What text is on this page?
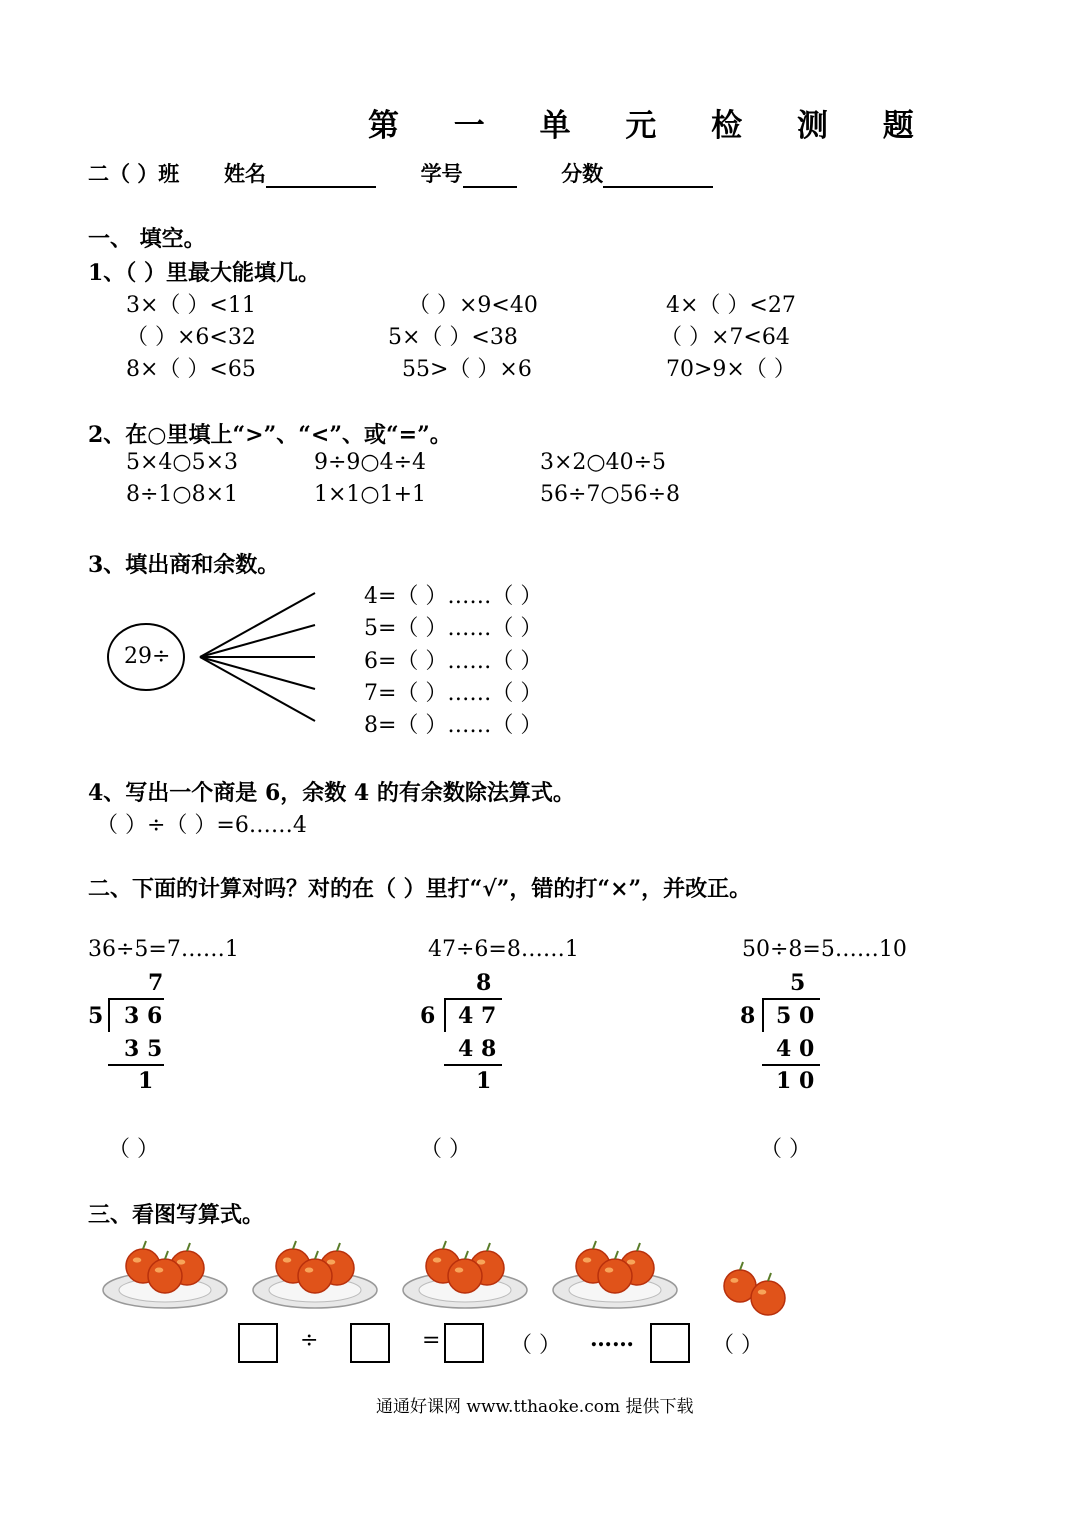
第 一 单 元 检 测 题
二（ ）班 姓名	学号	分数
一、 填空。
1、（ ）里最大能填几。
3×（ ）<11	（ ）×9<40	4×（ ）<27
（ ）×6<32	5×（ ）<38	（ ）×7<64
8×（ ）<65	55>（ ）×6	70>9×（ ）
2、在○里填上“>”、“<”、或“=”。
5×4○5×3	9÷9○4÷4	3×2○40÷5
8÷1○8×1	1×1○1+1	56÷7○56÷8
3、填出商和余数。
29÷
4=（ ）……（ ）
5=（ ）……（ ）
6=（ ）……（ ）
7=（ ）……（ ）
8=（ ）……（ ）
4、写出一个商是 6，余数 4 的有余数除法算式。
（ ）÷（ ）=6……4
二、下面的计算对吗？对的在（ ）里打“√”，错的打“×”，并改正。
36÷5=7……1
7
5 3 6
3 5
1
（ ）
47÷6=8……1
8
6 4 7
4 8
1
（ ）
50÷8=5……10
5
8 5 0
4 0
1 0
（ ）
三、看图写算式。
÷	=	（ ） ……	（ ）
通通好课网 www.tthaoke.com 提供下载
